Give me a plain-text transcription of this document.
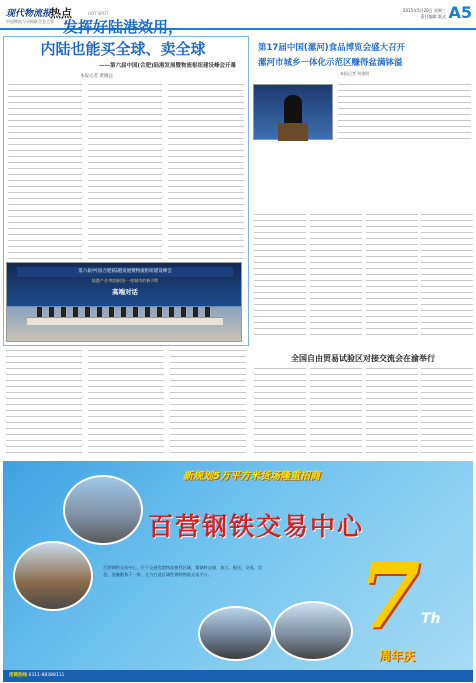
现代物流报
中国物流与采购联合会主管
热点	HOT SPOT
2015年5月20日 星期三
责任编辑 版式 A5
发挥好陆港效用，
内陆也能买全球、卖全球
——第六届中国(合肥)陆港发展暨物流枢纽建设峰会开幕
本报记者 黄刚远
第六届中国(合肥)陆港发展暨物流枢纽建设峰会
陆港产业·物流枢纽·一座城市的新引擎
高端对话
第17届中国(漯河)食品博览会盛大召开
漯河市城乡一体化示范区赚得盆满钵溢
本报记者 何建明
全国自由贸易试验区对接交流会在渝举行
新规划5万平方米货场隆重招商
百营钢铁交易中心
百营钢铁交易中心，位于交通优越物流便利区域，集钢材仓储、加工、配送、交易、信息、金融服务于一体，全力打造区域性钢铁物流交易平台。	7 Th
周年庆
招商热线 0311-88388111
